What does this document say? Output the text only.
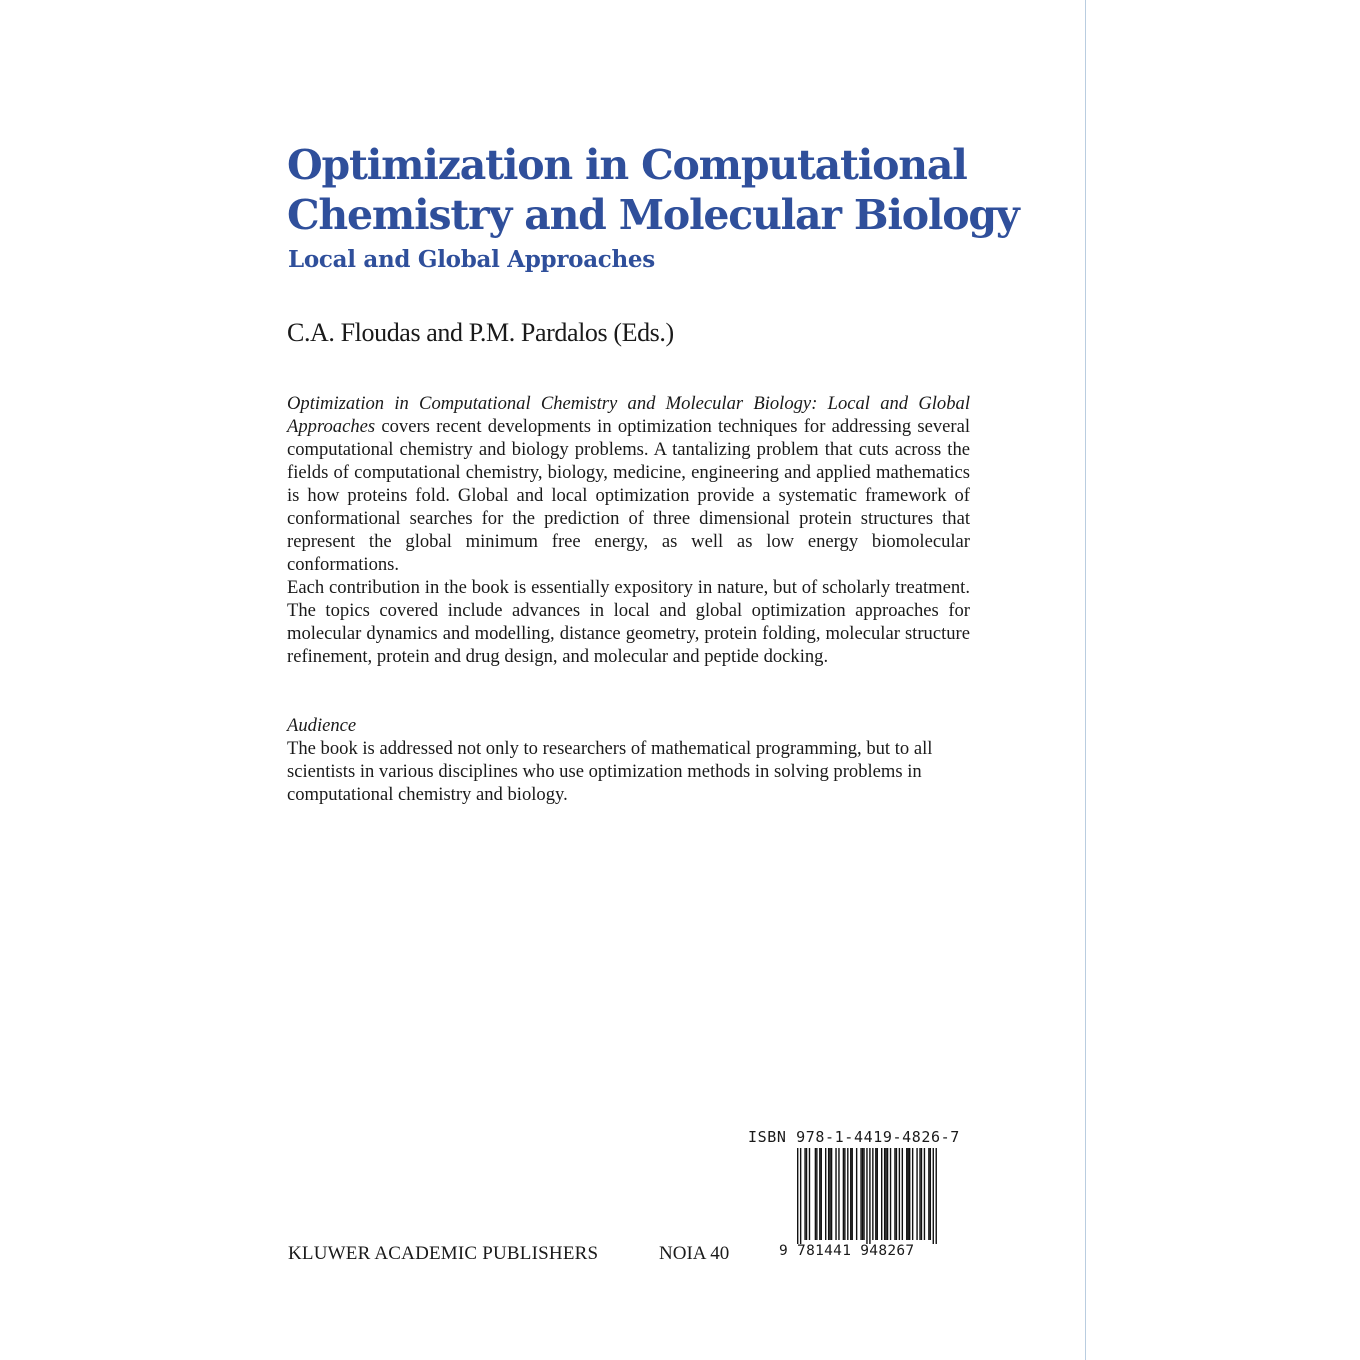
Optimization in Computational
Chemistry and Molecular Biology
Local and Global Approaches

C.A. Floudas and P.M. Pardalos (Eds.)

Optimization in Computational Chemistry and Molecular Biology: Local and Global Approaches covers recent developments in optimization techniques for addressing several computational chemistry and biology problems. A tantalizing problem that cuts across the fields of computational chemistry, biology, medicine, engineering and applied mathematics is how proteins fold. Global and local optimization provide a systematic framework of conformational searches for the prediction of three dimensional protein structures that represent the global minimum free energy, as well as low energy biomolecular conformations.

Each contribution in the book is essentially expository in nature, but of scholarly treatment. The topics covered include advances in local and global optimization approaches for molecular dynamics and modelling, distance geometry, protein folding, molecular structure refinement, protein and drug design, and molecular and peptide docking.

Audience

The book is addressed not only to researchers of mathematical programming, but to all scientists in various disciplines who use optimization methods in solving problems in computational chemistry and biology.

ISBN 978-1-4419-4826-7
9 781441 948267
KLUWER ACADEMIC PUBLISHERS	NOIA 40
